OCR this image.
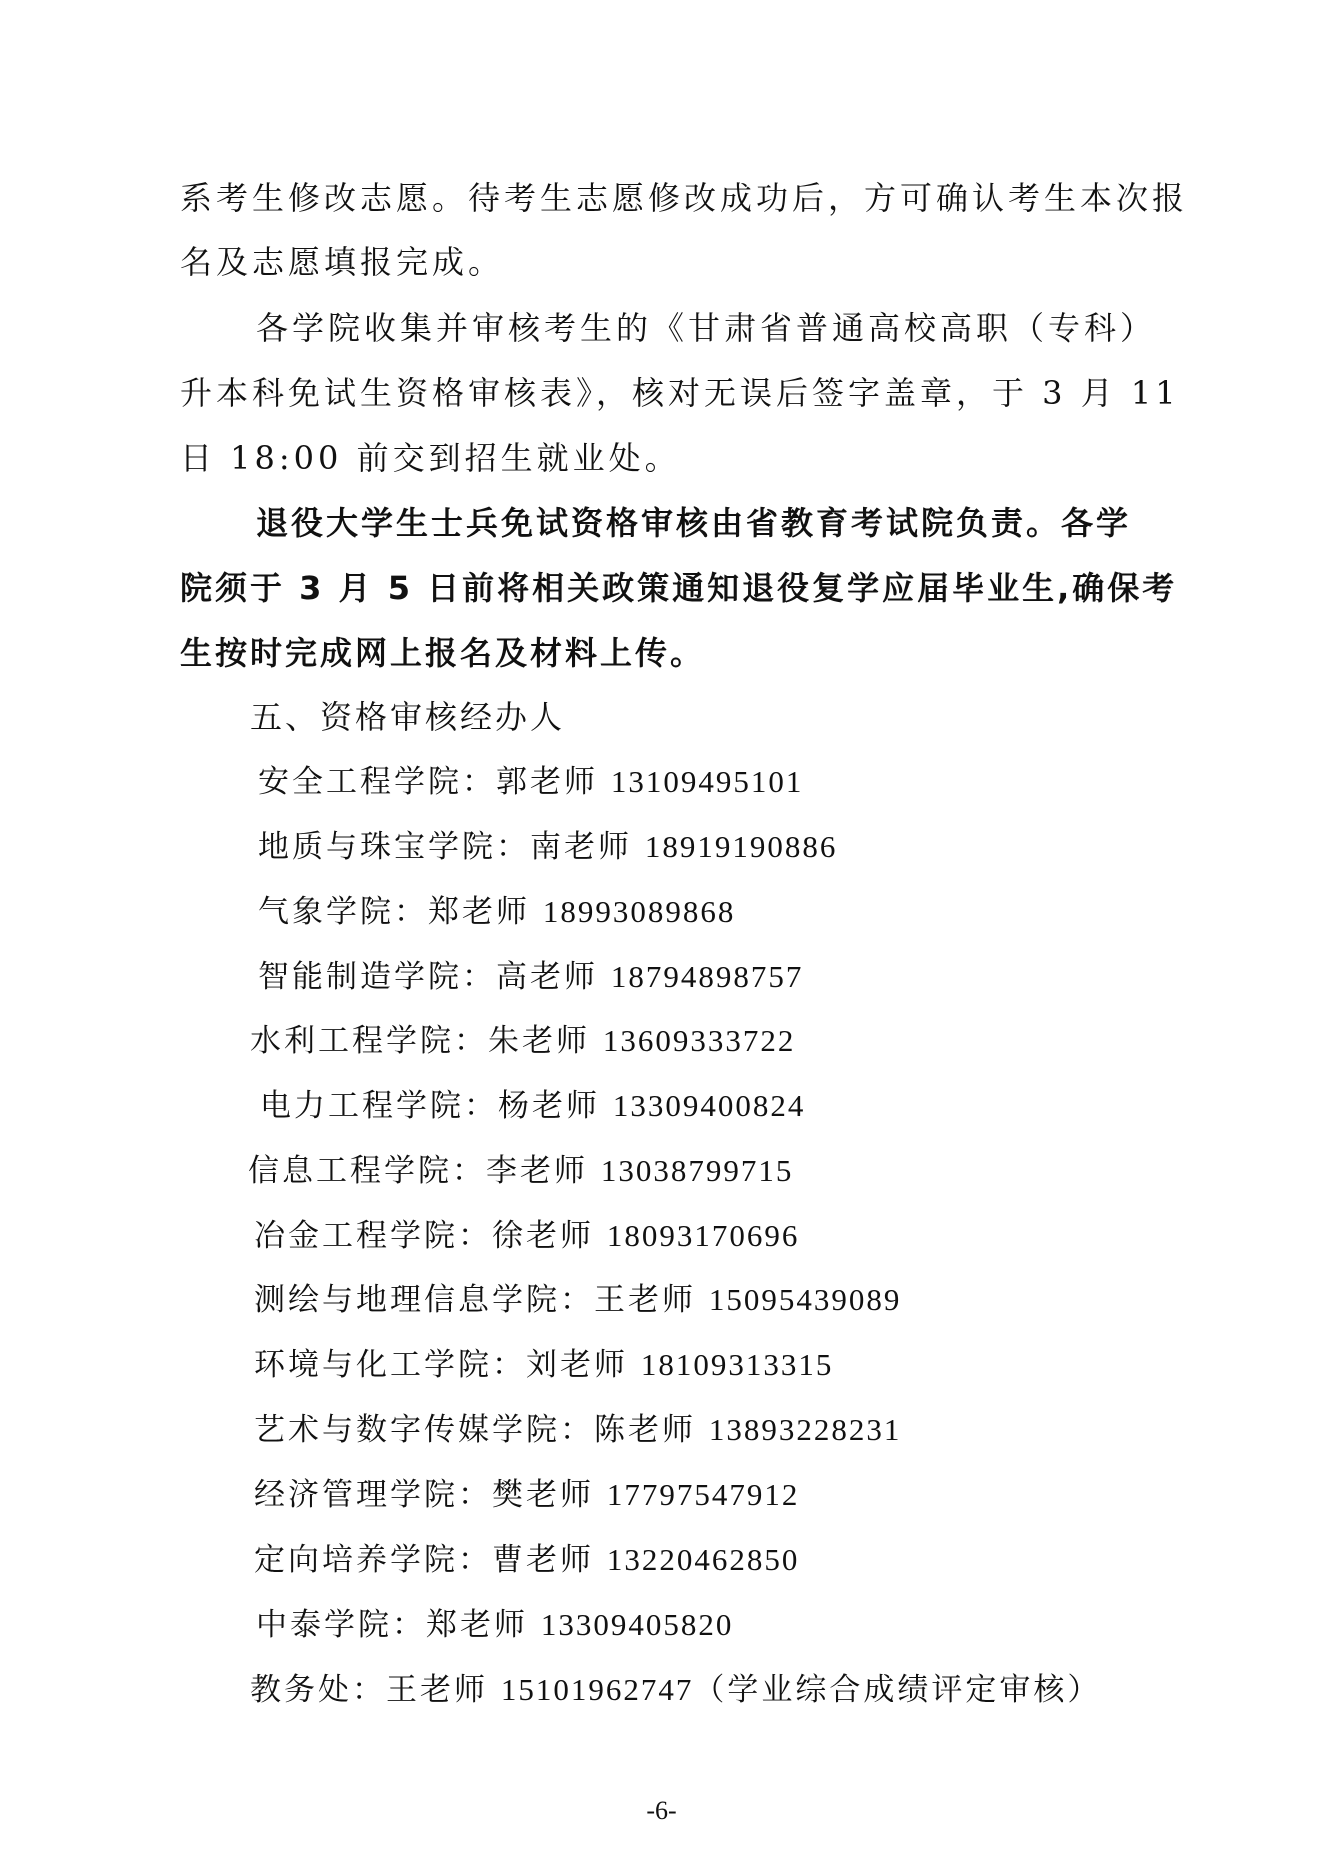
系考生修改志愿。待考生志愿修改成功后，方可确认考生本次报
名及志愿填报完成。
各学院收集并审核考生的《甘肃省普通高校高职（专科）
升本科免试生资格审核表》，核对无误后签字盖章，于 3 月 11
日 18:00 前交到招生就业处。
退役大学生士兵免试资格审核由省教育考试院负责。各学
院须于 3 月 5 日前将相关政策通知退役复学应届毕业生,确保考
生按时完成网上报名及材料上传。
五、资格审核经办人
安全工程学院：郭老师 13109495101
地质与珠宝学院：南老师 18919190886
气象学院：郑老师 18993089868
智能制造学院：高老师 18794898757
水利工程学院：朱老师 13609333722
电力工程学院：杨老师 13309400824
信息工程学院：李老师 13038799715
冶金工程学院：徐老师 18093170696
测绘与地理信息学院：王老师 15095439089
环境与化工学院：刘老师 18109313315
艺术与数字传媒学院：陈老师 13893228231
经济管理学院：樊老师 17797547912
定向培养学院：曹老师 13220462850
中泰学院：郑老师 13309405820
教务处：王老师 15101962747（学业综合成绩评定审核）
-6-
